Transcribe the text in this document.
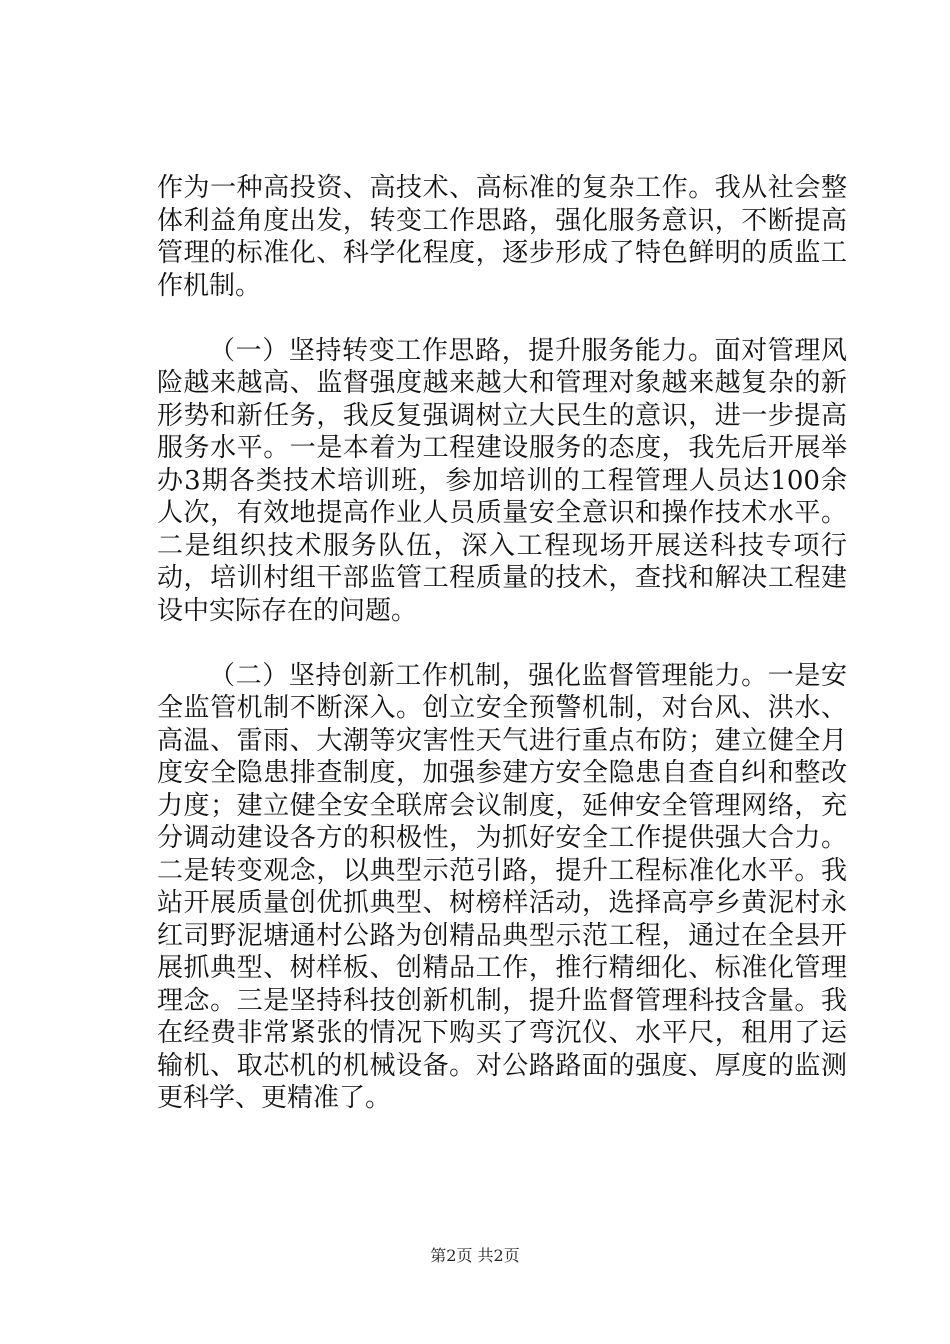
作为一种高投资、高技术、高标准的复杂工作。我从社会整体利益角度出发，转变工作思路，强化服务意识，不断提高管理的标准化、科学化程度，逐步形成了特色鲜明的质监工作机制。

（一）坚持转变工作思路，提升服务能力。面对管理风险越来越高、监督强度越来越大和管理对象越来越复杂的新形势和新任务，我反复强调树立大民生的意识，进一步提高服务水平。一是本着为工程建设服务的态度，我先后开展举办3期各类技术培训班，参加培训的工程管理人员达100余人次，有效地提高作业人员质量安全意识和操作技术水平。二是组织技术服务队伍，深入工程现场开展送科技专项行动，培训村组干部监管工程质量的技术，查找和解决工程建设中实际存在的问题。

（二）坚持创新工作机制，强化监督管理能力。一是安全监管机制不断深入。创立安全预警机制，对台风、洪水、高温、雷雨、大潮等灾害性天气进行重点布防；建立健全月度安全隐患排查制度，加强参建方安全隐患自查自纠和整改力度；建立健全安全联席会议制度，延伸安全管理网络，充分调动建设各方的积极性，为抓好安全工作提供强大合力。二是转变观念，以典型示范引路，提升工程标准化水平。我站开展质量创优抓典型、树榜样活动，选择高亭乡黄泥村永红司野泥塘通村公路为创精品典型示范工程，通过在全县开展抓典型、树样板、创精品工作，推行精细化、标准化管理理念。三是坚持科技创新机制，提升监督管理科技含量。我在经费非常紧张的情况下购买了弯沉仪、水平尺，租用了运输机、取芯机的机械设备。对公路路面的强度、厚度的监测更科学、更精准了。

第2页 共2页
